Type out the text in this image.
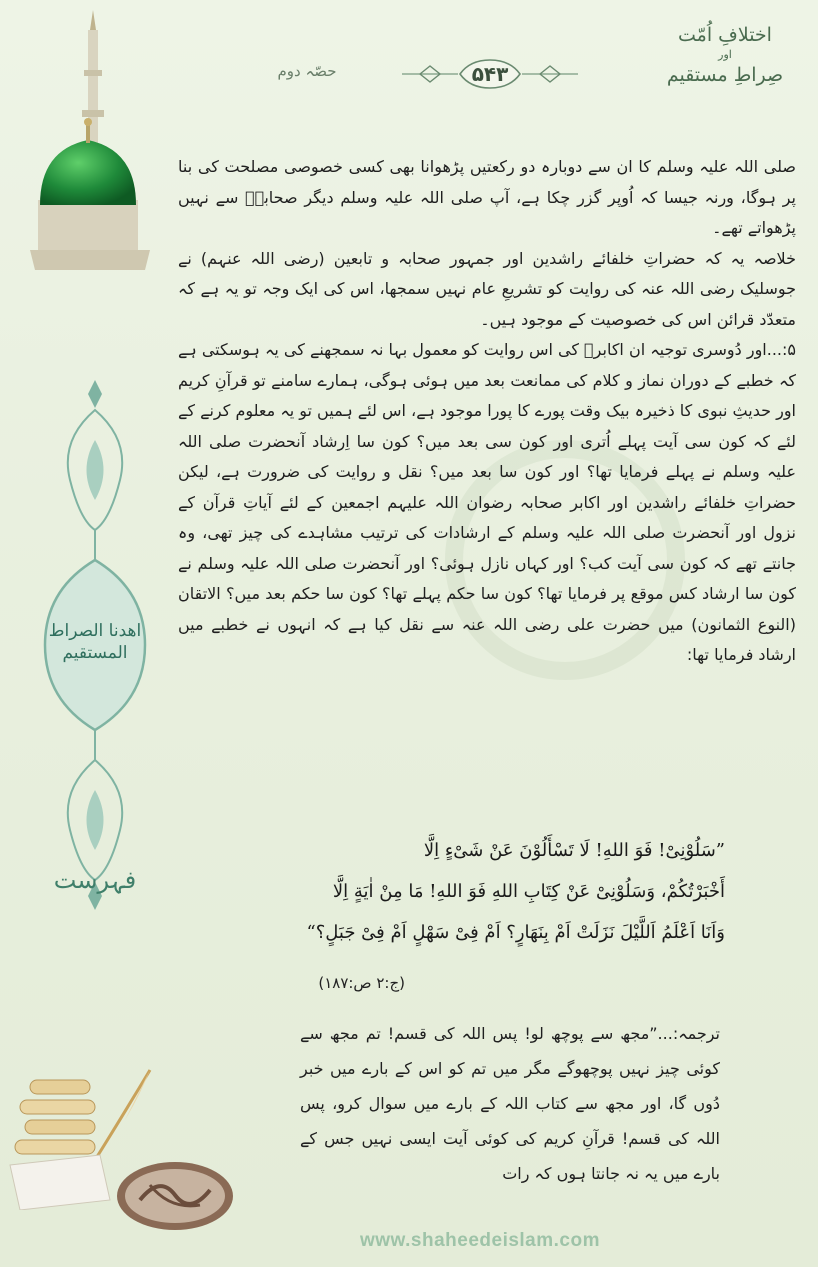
اختلافِ اُمّت
اور
صِراطِ مستقیم
۵۴۳
حصّہ دوم
اھدنا الصراط المستقیم
فہرست

صلی اللہ علیہ وسلم کا ان سے دوبارہ دو رکعتیں پڑھوانا بھی کسی خصوصی مصلحت کی بنا پر ہوگا، ورنہ جیسا کہ اُوپر گزر چکا ہے، آپ صلی اللہ علیہ وسلم دیگر صحابہؓ سے نہیں پڑھواتے تھے۔

خلاصہ یہ کہ حضراتِ خلفائے راشدین اور جمہور صحابہ و تابعین (رضی اللہ عنہم) نے جوسلیک رضی اللہ عنہ کی روایت کو تشریعِ عام نہیں سمجھا، اس کی ایک وجہ تو یہ ہے کہ متعدّد قرائن اس کی خصوصیت کے موجود ہیں۔

۵:...اور دُوسری توجیہ ان اکابرؒ کی اس روایت کو معمول بہا نہ سمجھنے کی یہ ہوسکتی ہے کہ خطبے کے دوران نماز و کلام کی ممانعت بعد میں ہوئی ہوگی، ہمارے سامنے تو قرآنِ کریم اور حدیثِ نبوی کا ذخیرہ بیک وقت پورے کا پورا موجود ہے، اس لئے ہمیں تو یہ معلوم کرنے کے لئے کہ کون سی آیت پہلے اُتری اور کون سی بعد میں؟ کون سا اِرشاد آنحضرت صلی اللہ علیہ وسلم نے پہلے فرمایا تھا؟ اور کون سا بعد میں؟ نقل و روایت کی ضرورت ہے، لیکن حضراتِ خلفائے راشدین اور اکابر صحابہ رضوان اللہ علیہم اجمعین کے لئے آیاتِ قرآن کے نزول اور آنحضرت صلی اللہ علیہ وسلم کے ارشادات کی ترتیب مشاہدے کی چیز تھی، وہ جانتے تھے کہ کون سی آیت کب؟ اور کہاں نازل ہوئی؟ اور آنحضرت صلی اللہ علیہ وسلم نے کون سا ارشاد کس موقع پر فرمایا تھا؟ کون سا حکم پہلے تھا؟ کون سا حکم بعد میں؟ الاتقان (النوع الثمانون) میں حضرت علی رضی اللہ عنہ سے نقل کیا ہے کہ انہوں نے خطبے میں ارشاد فرمایا تھا:

”سَلُوْنِیْ! فَوَ اللهِ! لَا تَسْأَلُوْنَ عَنْ شَیْءٍ اِلَّا
أَخْبَرْتُکُمْ، وَسَلُوْنِیْ عَنْ کِتَابِ اللهِ فَوَ اللهِ! مَا مِنْ اٰیَةٍ اِلَّا
وَاَنَا اَعْلَمُ اَللَّیْلَ نَزَلَتْ اَمْ بِنَهَارٍ؟ اَمْ فِیْ سَهْلٍ اَمْ فِیْ جَبَلٍ؟“
(ج:۲ ص:۱۸۷)

ترجمہ:...”مجھ سے پوچھ لو! پس اللہ کی قسم! تم مجھ سے کوئی چیز نہیں پوچھوگے مگر میں تم کو اس کے بارے میں خبر دُوں گا، اور مجھ سے کتاب اللہ کے بارے میں سوال کرو، پس اللہ کی قسم! قرآنِ کریم کی کوئی آیت ایسی نہیں جس کے بارے میں یہ نہ جانتا ہوں کہ رات

www.shaheedeislam.com
